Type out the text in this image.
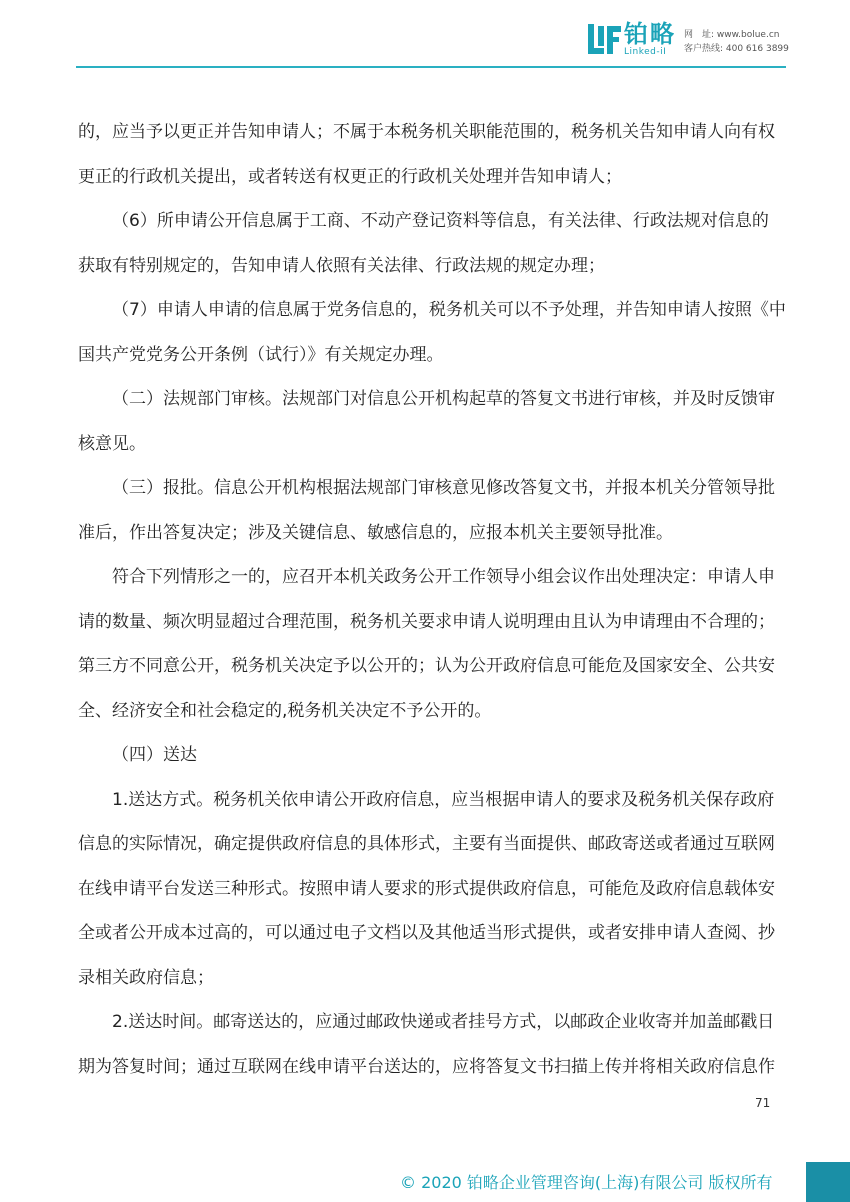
铂略
Linked-iI
网　址: www.bolue.cn
客户热线: 400 616 3899

的，应当予以更正并告知申请人；不属于本税务机关职能范围的，税务机关告知申请人向有权
更正的行政机关提出，或者转送有权更正的行政机关处理并告知申请人；

（6）所申请公开信息属于工商、不动产登记资料等信息，有关法律、行政法规对信息的
获取有特别规定的，告知申请人依照有关法律、行政法规的规定办理；

（7）申请人申请的信息属于党务信息的，税务机关可以不予处理，并告知申请人按照《中
国共产党党务公开条例（试行）》有关规定办理。

（二）法规部门审核。法规部门对信息公开机构起草的答复文书进行审核，并及时反馈审
核意见。

（三）报批。信息公开机构根据法规部门审核意见修改答复文书，并报本机关分管领导批
准后，作出答复决定；涉及关键信息、敏感信息的，应报本机关主要领导批准。

符合下列情形之一的，应召开本机关政务公开工作领导小组会议作出处理决定：申请人申
请的数量、频次明显超过合理范围，税务机关要求申请人说明理由且认为申请理由不合理的；
第三方不同意公开，税务机关决定予以公开的；认为公开政府信息可能危及国家安全、公共安
全、经济安全和社会稳定的,税务机关决定不予公开的。

（四）送达

1.送达方式。税务机关依申请公开政府信息，应当根据申请人的要求及税务机关保存政府
信息的实际情况，确定提供政府信息的具体形式，主要有当面提供、邮政寄送或者通过互联网
在线申请平台发送三种形式。按照申请人要求的形式提供政府信息，可能危及政府信息载体安
全或者公开成本过高的，可以通过电子文档以及其他适当形式提供，或者安排申请人查阅、抄
录相关政府信息；

2.送达时间。邮寄送达的，应通过邮政快递或者挂号方式，以邮政企业收寄并加盖邮戳日
期为答复时间；通过互联网在线申请平台送达的，应将答复文书扫描上传并将相关政府信息作

71
© 2020 铂略企业管理咨询(上海)有限公司 版权所有
